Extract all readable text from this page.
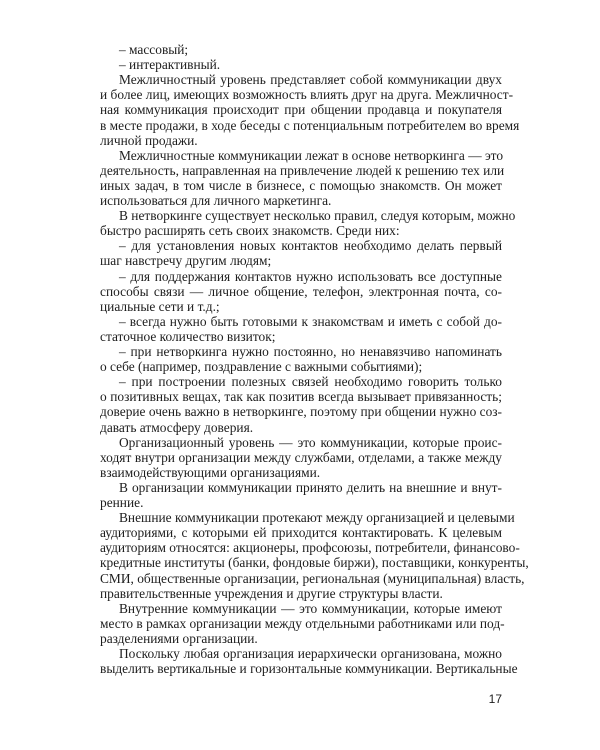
– массовый;
– интерактивный.
Межличностный уровень представляет собой коммуникации двух
и более лиц, имеющих возможность влиять друг на друга. Межличност-
ная коммуникация происходит при общении продавца и покупателя
в месте продажи, в ходе беседы с потенциальным потребителем во время
личной продажи.
Межличностные коммуникации лежат в основе нетворкинга — это
деятельность, направленная на привлечение людей к решению тех или
иных задач, в том числе в бизнесе, с помощью знакомств. Он может
использоваться для личного маркетинга.
В нетворкинге существует несколько правил, следуя которым, можно
быстро расширять сеть своих знакомств. Среди них:
– для установления новых контактов необходимо делать первый
шаг навстречу другим людям;
– для поддержания контактов нужно использовать все доступные
способы связи — личное общение, телефон, электронная почта, со-
циальные сети и т.д.;
– всегда нужно быть готовыми к знакомствам и иметь с собой до-
статочное количество визиток;
– при нетворкинга нужно постоянно, но ненавязчиво напоминать
о себе (например, поздравление с важными событиями);
– при построении полезных связей необходимо говорить только
о позитивных вещах, так как позитив всегда вызывает привязанность;
доверие очень важно в нетворкинге, поэтому при общении нужно соз-
давать атмосферу доверия.
Организационный уровень — это коммуникации, которые проис-
ходят внутри организации между службами, отделами, а также между
взаимодействующими организациями.
В организации коммуникации принято делить на внешние и внут-
ренние.
Внешние коммуникации протекают между организацией и целевыми
аудиториями, с которыми ей приходится контактировать. К целевым
аудиториям относятся: акционеры, профсоюзы, потребители, финансово-
кредитные институты (банки, фондовые биржи), поставщики, конкуренты,
СМИ, общественные организации, региональная (муниципальная) власть,
правительственные учреждения и другие структуры власти.
Внутренние коммуникации — это коммуникации, которые имеют
место в рамках организации между отдельными работниками или под-
разделениями организации.
Поскольку любая организация иерархически организована, можно
выделить вертикальные и горизонтальные коммуникации. Вертикальные
17
